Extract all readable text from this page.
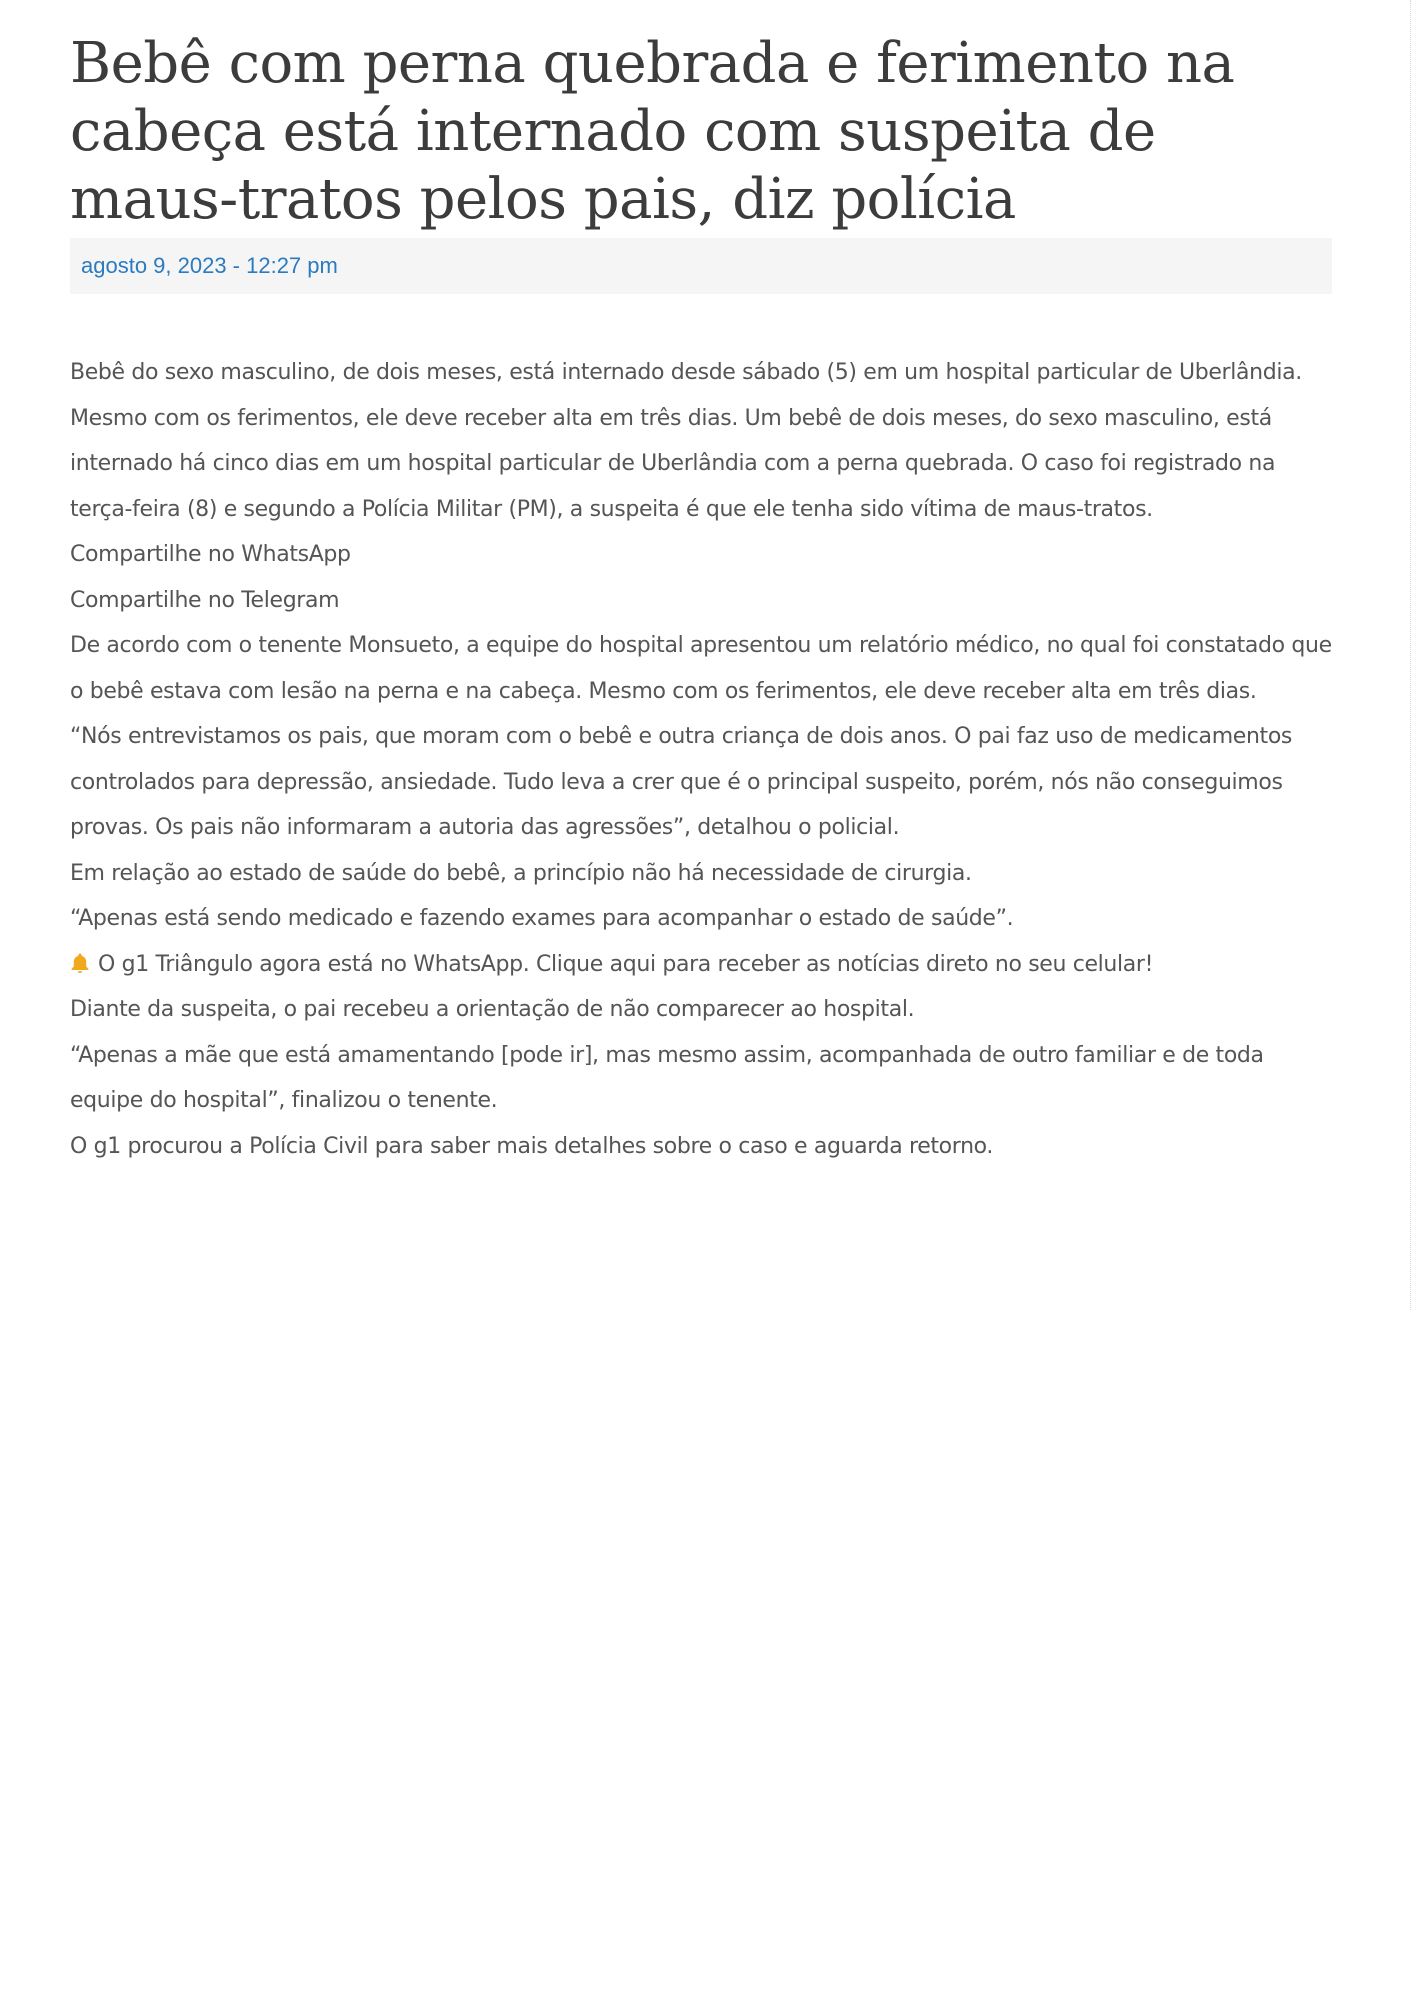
Bebê com perna quebrada e ferimento na cabeça está internado com suspeita de maus-tratos pelos pais, diz polícia
agosto 9, 2023 - 12:27 pm

Bebê do sexo masculino, de dois meses, está internado desde sábado (5) em um hospital particular de Uberlândia. Mesmo com os ferimentos, ele deve receber alta em três dias. Um bebê de dois meses, do sexo masculino, está internado há cinco dias em um hospital particular de Uberlândia com a perna quebrada. O caso foi registrado na terça-feira (8) e segundo a Polícia Militar (PM), a suspeita é que ele tenha sido vítima de maus-tratos.

Compartilhe no WhatsApp

Compartilhe no Telegram

De acordo com o tenente Monsueto, a equipe do hospital apresentou um relatório médico, no qual foi constatado que o bebê estava com lesão na perna e na cabeça. Mesmo com os ferimentos, ele deve receber alta em três dias.

“Nós entrevistamos os pais, que moram com o bebê e outra criança de dois anos. O pai faz uso de medicamentos controlados para depressão, ansiedade. Tudo leva a crer que é o principal suspeito, porém, nós não conseguimos provas. Os pais não informaram a autoria das agressões”, detalhou o policial.

Em relação ao estado de saúde do bebê, a princípio não há necessidade de cirurgia.

“Apenas está sendo medicado e fazendo exames para acompanhar o estado de saúde”.

O g1 Triângulo agora está no WhatsApp. Clique aqui para receber as notícias direto no seu celular!

Diante da suspeita, o pai recebeu a orientação de não comparecer ao hospital.

“Apenas a mãe que está amamentando [pode ir], mas mesmo assim, acompanhada de outro familiar e de toda equipe do hospital”, finalizou o tenente.

O g1 procurou a Polícia Civil para saber mais detalhes sobre o caso e aguarda retorno.
